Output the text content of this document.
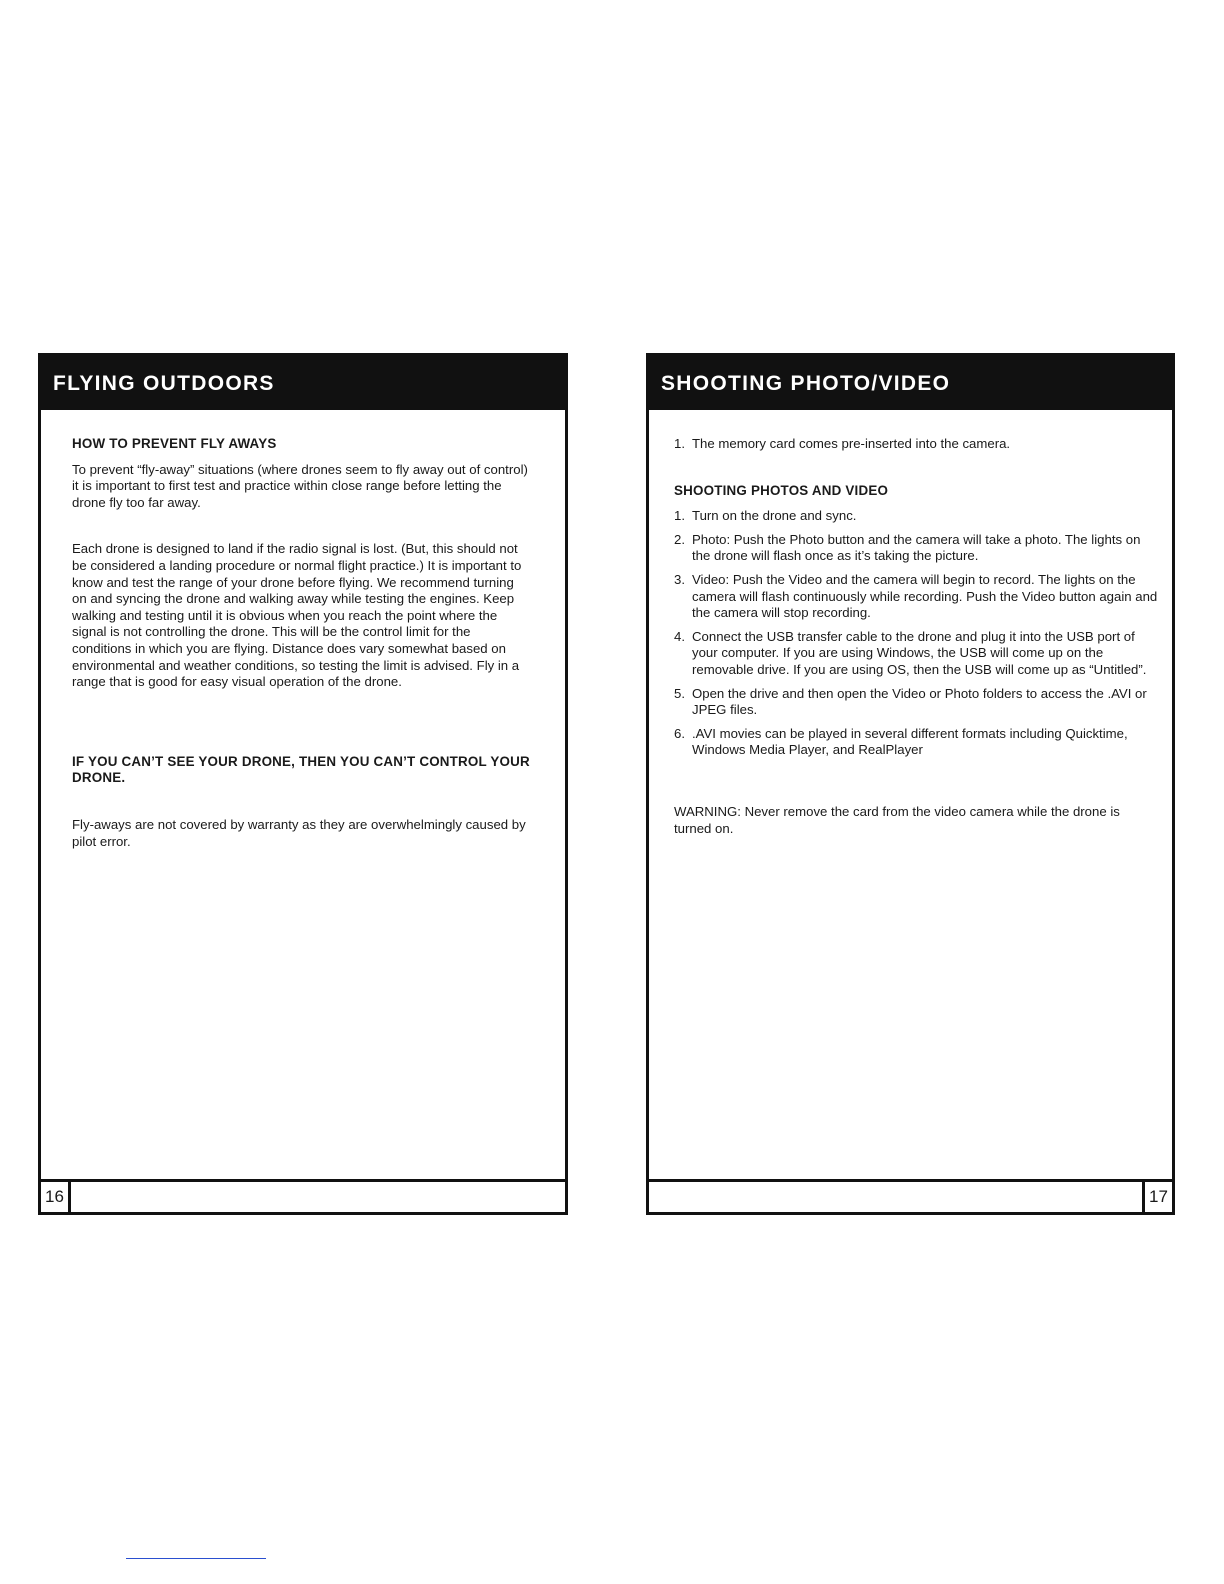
FLYING OUTDOORS

HOW TO PREVENT FLY AWAYS

To prevent “fly-away” situations (where drones seem to fly away out of control) it is important to first test and practice within close range before letting the drone fly too far away.

Each drone is designed to land if the radio signal is lost. (But, this should not be considered a landing procedure or normal flight practice.) It is important to know and test the range of your drone before flying. We recommend turning on and syncing the drone and walking away while testing the engines. Keep walking and testing until it is obvious when you reach the point where the signal is not controlling the drone. This will be the control limit for the conditions in which you are flying. Distance does vary somewhat based on environmental and weather conditions, so testing the limit is advised. Fly in a range that is good for easy visual operation of the drone.

IF YOU CAN’T SEE YOUR DRONE, THEN YOU CAN’T CONTROL YOUR DRONE.

Fly-aways are not covered by warranty as they are overwhelmingly caused by pilot error.

16
SHOOTING PHOTO/VIDEO
1. The memory card comes pre-inserted into the camera.

SHOOTING PHOTOS AND VIDEO

1. Turn on the drone and sync.
2. Photo: Push the Photo button and the camera will take a photo. The lights on the drone will flash once as it’s taking the picture.
3. Video: Push the Video and the camera will begin to record. The lights on the camera will flash continuously while recording. Push the Video button again and the camera will stop recording.
4. Connect the USB transfer cable to the drone and plug it into the USB port of your computer. If you are using Windows, the USB will come up on the removable drive. If you are using OS, then the USB will come up as “Untitled”.
5. Open the drive and then open the Video or Photo folders to access the .AVI or JPEG files.
6. .AVI movies can be played in several different formats including Quicktime, Windows Media Player, and RealPlayer

WARNING: Never remove the card from the video camera while the drone is turned on.

17
